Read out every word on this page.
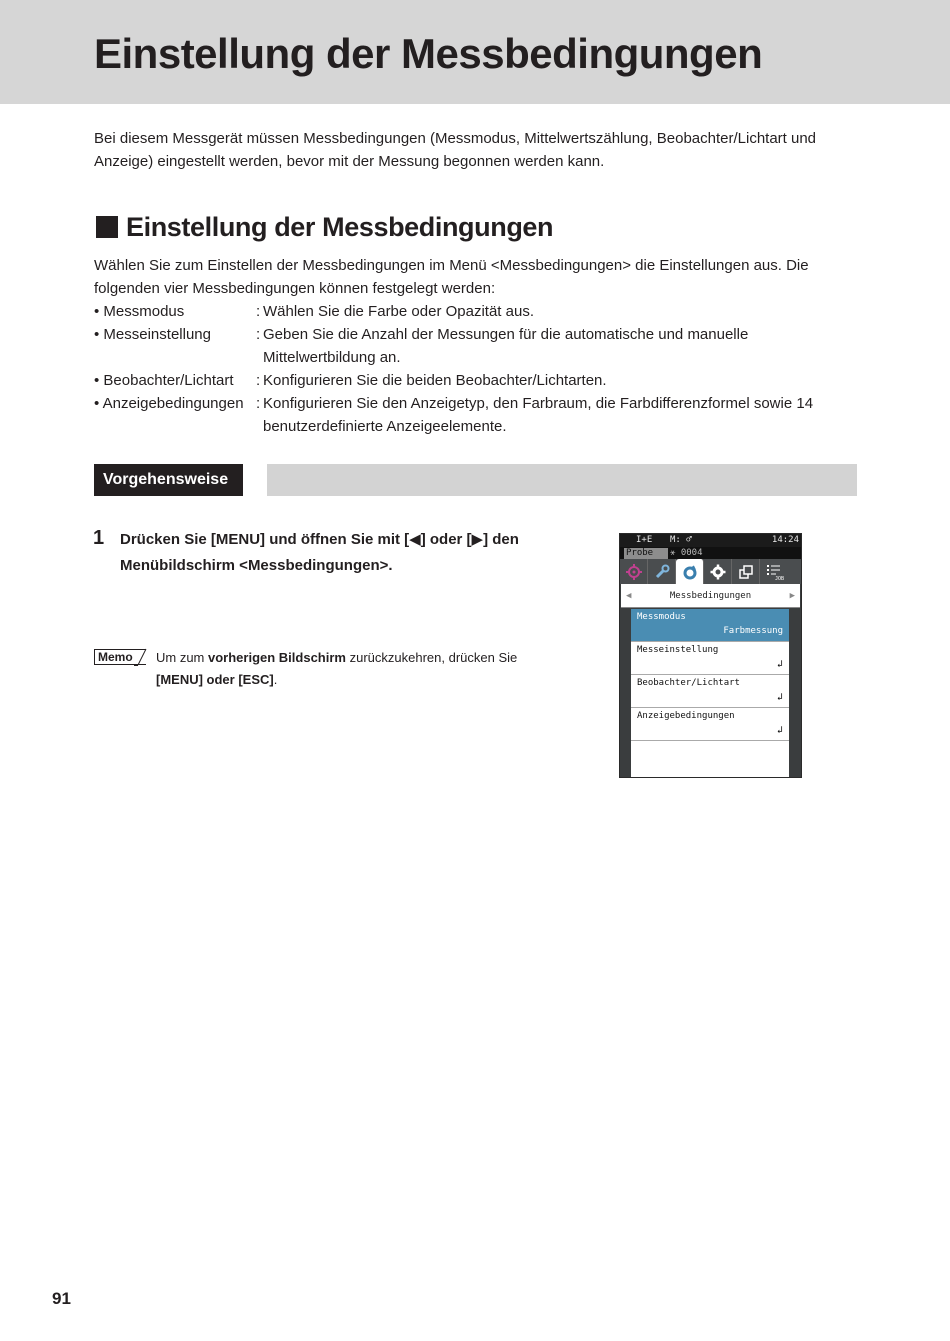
Einstellung der Messbedingungen

Bei diesem Messgerät müssen Messbedingungen (Messmodus, Mittelwertszählung, Beobachter/Lichtart und Anzeige) eingestellt werden, bevor mit der Messung begonnen werden kann.

Einstellung der Messbedingungen

Wählen Sie zum Einstellen der Messbedingungen im Menü <Messbedingungen> die Einstellungen aus. Die folgenden vier Messbedingungen können festgelegt werden:

• Messmodus	: Wählen Sie die Farbe oder Opazität aus.
• Messeinstellung	: Geben Sie die Anzahl der Messungen für die automatische und manuelle Mittelwertbildung an.
• Beobachter/Lichtart	: Konfigurieren Sie die beiden Beobachter/Lichtarten.
• Anzeigebedingungen : Konfigurieren Sie den Anzeigetyp, den Farbraum, die Farbdifferenzformel sowie 14 benutzerdefinierte Anzeigeelemente.
Vorgehensweise
1 Drücken Sie [MENU] und öffnen Sie mit [◀] oder [▶] den Menübildschirm <Messbedingungen>.
Memo	Um zum vorherigen Bildschirm zurückzukehren, drücken Sie
[MENU] oder [ESC].
I+E M: ♂	14:24
Probe	⚹ 0004
JOB
◀	Messbedingungen	▶
Messmodus
Farbmessung
Messeinstellung
↲
Beobachter/Lichtart
↲
Anzeigebedingungen
↲
91
